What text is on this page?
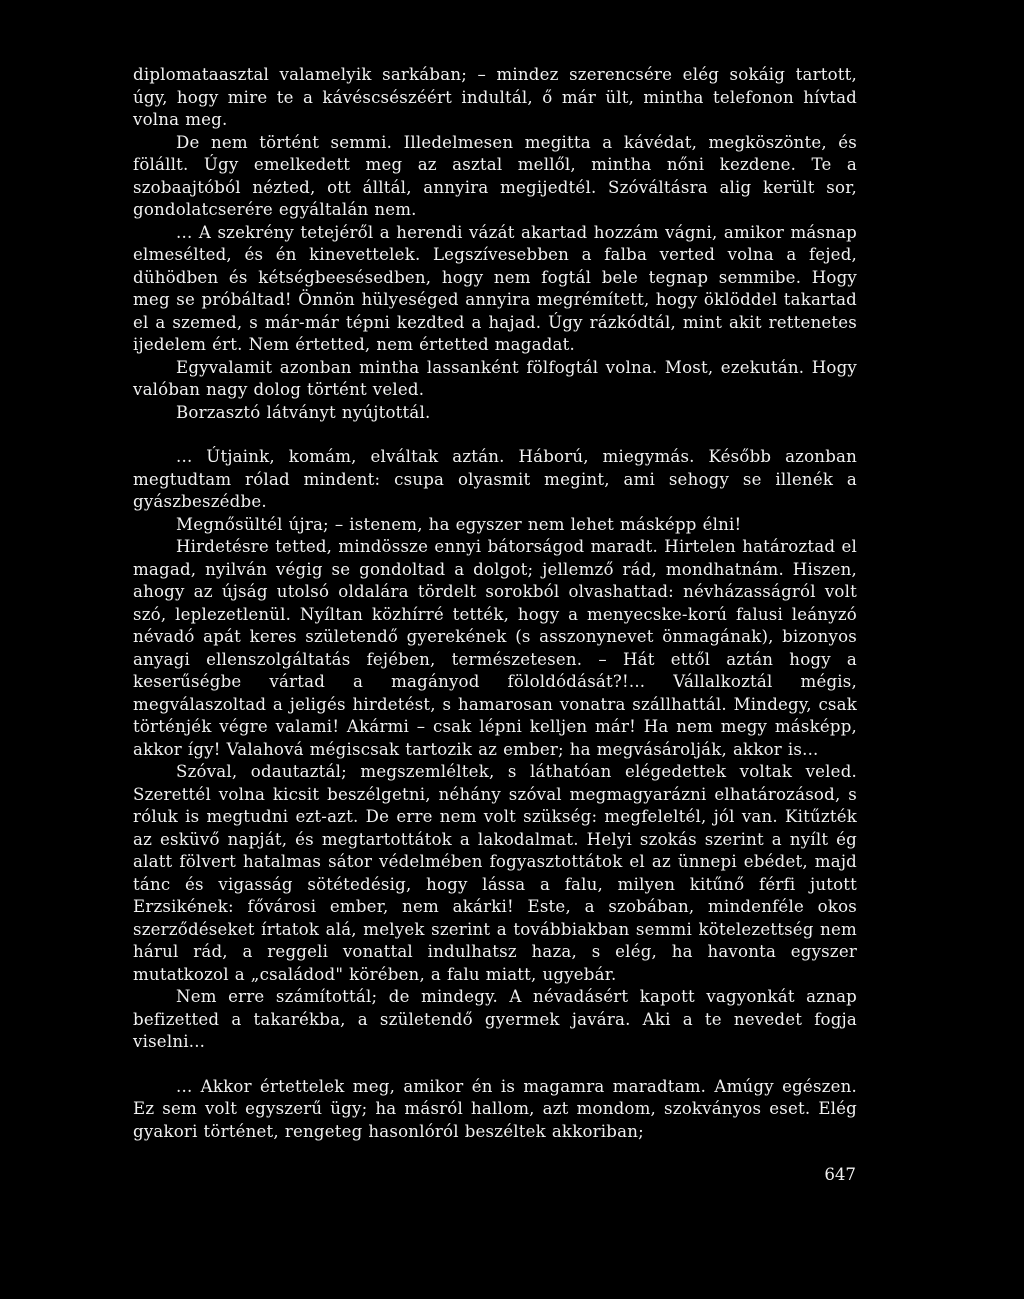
diplomataasztal valamelyik sarkában; – mindez szerencsére elég sokáig tartott, úgy, hogy mire te a kávéscsészéért indultál, ő már ült, mintha telefonon hívtad volna meg.

De nem történt semmi. Illedelmesen megitta a kávédat, megköszönte, és fölállt. Úgy emelkedett meg az asztal mellől, mintha nőni kezdene. Te a szobaajtóból nézted, ott álltál, annyira megijedtél. Szóváltásra alig került sor, gondolatcserére egyáltalán nem.

... A szekrény tetejéről a herendi vázát akartad hozzám vágni, amikor másnap elmesélted, és én kinevettelek. Legszívesebben a falba verted volna a fejed, dühödben és kétségbeesésedben, hogy nem fogtál bele tegnap semmibe. Hogy meg se próbáltad! Önnön hülyeséged annyira megrémített, hogy öklöddel takartad el a szemed, s már-már tépni kezdted a hajad. Úgy rázkódtál, mint akit rettenetes ijedelem ért. Nem értetted, nem értetted magadat.

Egyvalamit azonban mintha lassanként fölfogtál volna. Most, ezekután. Hogy valóban nagy dolog történt veled.

Borzasztó látványt nyújtottál.

... Útjaink, komám, elváltak aztán. Háború, miegymás. Később azonban megtudtam rólad mindent: csupa olyasmit megint, ami sehogy se illenék a gyászbeszédbe.

Megnősültél újra; – istenem, ha egyszer nem lehet másképp élni!

Hirdetésre tetted, mindössze ennyi bátorságod maradt. Hirtelen határoztad el magad, nyilván végig se gondoltad a dolgot; jellemző rád, mondhatnám. Hiszen, ahogy az újság utolsó oldalára tördelt sorokból olvashattad: névházasságról volt szó, leplezetlenül. Nyíltan közhírré tették, hogy a menyecske-korú falusi leányzó névadó apát keres születendő gyerekének (s asszonynevet önmagának), bizonyos anyagi ellenszolgáltatás fejében, természetesen. – Hát ettől aztán hogy a keserűségbe vártad a magányod föloldódását?!... Vállalkoztál mégis, megválaszoltad a jeligés hirdetést, s hamarosan vonatra szállhattál. Mindegy, csak történjék végre valami! Akármi – csak lépni kelljen már! Ha nem megy másképp, akkor így! Valahová mégiscsak tartozik az ember; ha megvásárolják, akkor is...

Szóval, odautaztál; megszemléltek, s láthatóan elégedettek voltak veled. Szerettél volna kicsit beszélgetni, néhány szóval megmagyarázni elhatározásod, s róluk is megtudni ezt-azt. De erre nem volt szükség: megfeleltél, jól van. Kitűzték az esküvő napját, és megtartottátok a lakodalmat. Helyi szokás szerint a nyílt ég alatt fölvert hatalmas sátor védelmében fogyasztottátok el az ünnepi ebédet, majd tánc és vigasság sötétedésig, hogy lássa a falu, milyen kitűnő férfi jutott Erzsikének: fővárosi ember, nem akárki! Este, a szobában, mindenféle okos szerződéseket írtatok alá, melyek szerint a továbbiakban semmi kötelezettség nem hárul rád, a reggeli vonattal indulhatsz haza, s elég, ha havonta egyszer mutatkozol a „családod" körében, a falu miatt, ugyebár.

Nem erre számítottál; de mindegy. A névadásért kapott vagyonkát aznap befizetted a takarékba, a születendő gyermek javára. Aki a te nevedet fogja viselni...

... Akkor értettelek meg, amikor én is magamra maradtam. Amúgy egészen. Ez sem volt egyszerű ügy; ha másról hallom, azt mondom, szokványos eset. Elég gyakori történet, rengeteg hasonlóról beszéltek akkoriban;

647
